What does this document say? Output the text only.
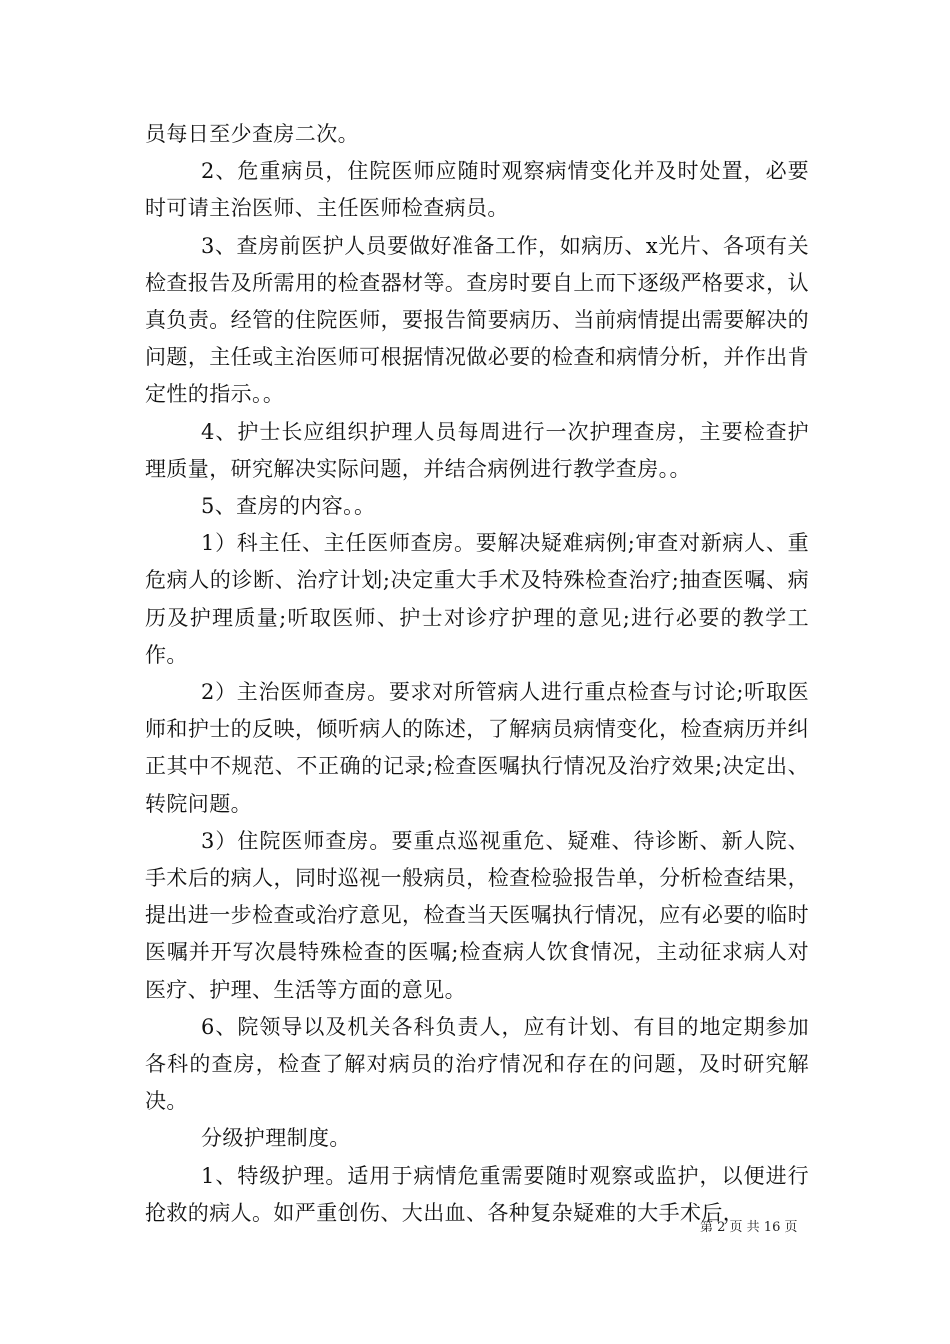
员每日至少查房二次。

2、危重病员，住院医师应随时观察病情变化并及时处置，必要时可请主治医师、主任医师检查病员。

3、查房前医护人员要做好准备工作，如病历、x光片、各项有关检查报告及所需用的检查器材等。查房时要自上而下逐级严格要求，认真负责。经管的住院医师，要报告简要病历、当前病情提出需要解决的问题，主任或主治医师可根据情况做必要的检查和病情分析，并作出肯定性的指示。。

4、护士长应组织护理人员每周进行一次护理查房，主要检查护理质量，研究解决实际问题，并结合病例进行教学查房。。

5、查房的内容。。

1）科主任、主任医师查房。要解决疑难病例;审查对新病人、重危病人的诊断、治疗计划;决定重大手术及特殊检查治疗;抽查医嘱、病历及护理质量;听取医师、护士对诊疗护理的意见;进行必要的教学工作。

2）主治医师查房。要求对所管病人进行重点检查与讨论;听取医师和护士的反映，倾听病人的陈述，了解病员病情变化，检查病历并纠正其中不规范、不正确的记录;检查医嘱执行情况及治疗效果;决定出、转院问题。

3）住院医师查房。要重点巡视重危、疑难、待诊断、新人院、手术后的病人，同时巡视一般病员，检查检验报告单，分析检查结果，提出进一步检查或治疗意见，检查当天医嘱执行情况，应有必要的临时医嘱并开写次晨特殊检查的医嘱;检查病人饮食情况，主动征求病人对医疗、护理、生活等方面的意见。

6、院领导以及机关各科负责人，应有计划、有目的地定期参加各科的查房，检查了解对病员的治疗情况和存在的问题，及时研究解决。

分级护理制度。

1、特级护理。适用于病情危重需要随时观察或监护，以便进行抢救的病人。如严重创伤、大出血、各种复杂疑难的大手术后，

第 2 页 共 16 页
